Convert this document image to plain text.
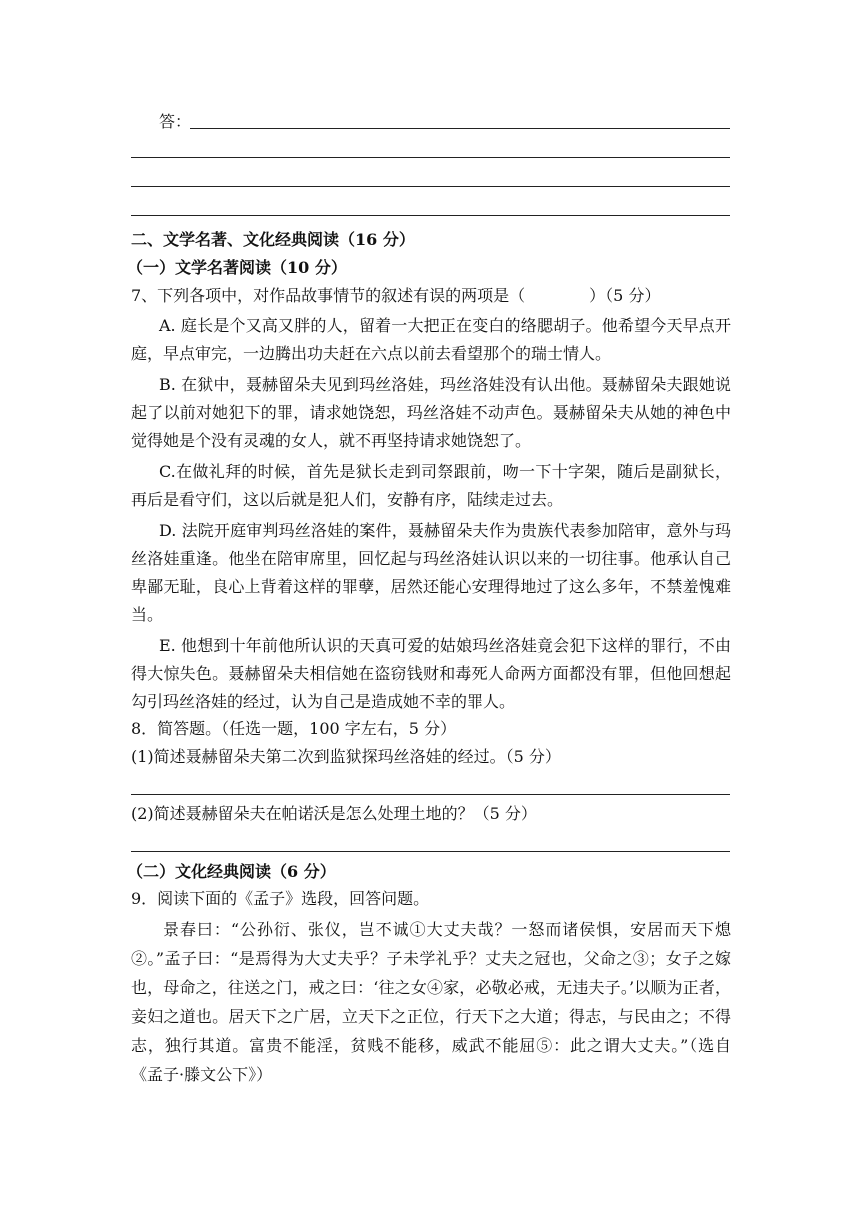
答：
二、文学名著、文化经典阅读（16 分）
（一）文学名著阅读（10 分）
7、下列各项中，对作品故事情节的叙述有误的两项是（　　　　）（5 分）

A. 庭长是个又高又胖的人，留着一大把正在变白的络腮胡子。他希望今天早点开庭，早点审完，一边腾出功夫赶在六点以前去看望那个的瑞士情人。

B. 在狱中，聂赫留朵夫见到玛丝洛娃，玛丝洛娃没有认出他。聂赫留朵夫跟她说起了以前对她犯下的罪，请求她饶恕，玛丝洛娃不动声色。聂赫留朵夫从她的神色中觉得她是个没有灵魂的女人，就不再坚持请求她饶恕了。

C.在做礼拜的时候，首先是狱长走到司祭跟前，吻一下十字架，随后是副狱长，再后是看守们，这以后就是犯人们，安静有序，陆续走过去。

D. 法院开庭审判玛丝洛娃的案件，聂赫留朵夫作为贵族代表参加陪审，意外与玛丝洛娃重逢。他坐在陪审席里，回忆起与玛丝洛娃认识以来的一切往事。他承认自己卑鄙无耻，良心上背着这样的罪孽，居然还能心安理得地过了这么多年，不禁羞愧难当。

E. 他想到十年前他所认识的天真可爱的姑娘玛丝洛娃竟会犯下这样的罪行，不由得大惊失色。聂赫留朵夫相信她在盗窃钱财和毒死人命两方面都没有罪，但他回想起勾引玛丝洛娃的经过，认为自己是造成她不幸的罪人。

8．简答题。（任选一题，100 字左右，5 分）
(1)简述聂赫留朵夫第二次到监狱探玛丝洛娃的经过。（5 分）
(2)简述聂赫留朵夫在帕诺沃是怎么处理土地的？（5 分）
（二）文化经典阅读（6 分）
9．阅读下面的《孟子》选段，回答问题。

景春曰：“公孙衍、张仪，岂不诚①大丈夫哉？一怒而诸侯惧，安居而天下熄②。”孟子曰：“是焉得为大丈夫乎？子未学礼乎？丈夫之冠也，父命之③；女子之嫁也，母命之，往送之门，戒之曰：‘往之女④家，必敬必戒，无违夫子。’以顺为正者，妾妇之道也。居天下之广居，立天下之正位，行天下之大道；得志，与民由之；不得志，独行其道。富贵不能淫，贫贱不能移，威武不能屈⑤：此之谓大丈夫。”（选自《孟子·滕文公下》）
